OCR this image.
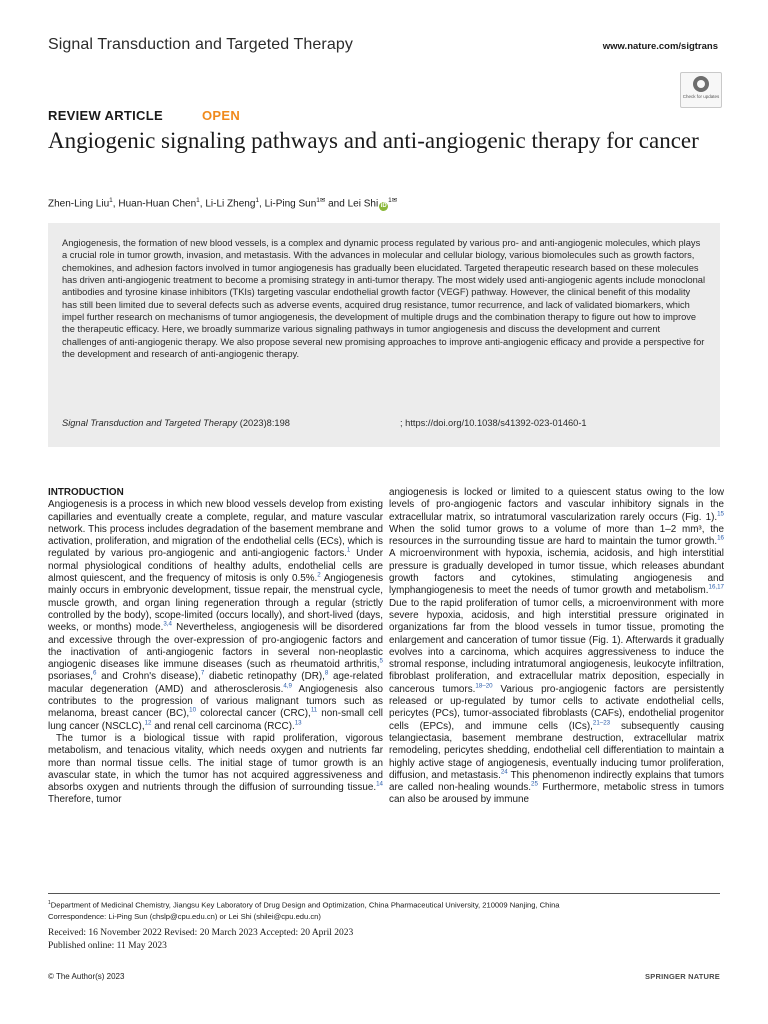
Signal Transduction and Targeted Therapy	www.nature.com/sigtrans
Check for updates
REVIEW ARTICLE	OPEN
Angiogenic signaling pathways and anti-angiogenic therapy for cancer
Zhen-Ling Liu$^1$, Huan-Huan Chen$^1$, Li-Li Zheng$^1$, Li-Ping Sun$^{1✉}$ and Lei Shi $iD^{1✉}$
Angiogenesis, the formation of new blood vessels, is a complex and dynamic process regulated by various pro- and anti-angiogenic molecules, which plays a crucial role in tumor growth, invasion, and metastasis. With the advances in molecular and cellular biology, various biomolecules such as growth factors, chemokines, and adhesion factors involved in tumor angiogenesis has gradually been elucidated. Targeted therapeutic research based on these molecules has driven anti-angiogenic treatment to become a promising strategy in anti-tumor therapy. The most widely used anti-angiogenic agents include monoclonal antibodies and tyrosine kinase inhibitors (TKIs) targeting vascular endothelial growth factor (VEGF) pathway. However, the clinical benefit of this modality has still been limited due to several defects such as adverse events, acquired drug resistance, tumor recurrence, and lack of validated biomarkers, which impel further research on mechanisms of tumor angiogenesis, the development of multiple drugs and the combination therapy to figure out how to improve the therapeutic efficacy. Here, we broadly summarize various signaling pathways in tumor angiogenesis and discuss the development and current challenges of anti-angiogenic therapy. We also propose several new promising approaches to improve anti-angiogenic efficacy and provide a perspective for the development and research of anti-angiogenic therapy.
Signal Transduction and Targeted Therapy (2023)8:198	; https://doi.org/10.1038/s41392-023-01460-1
INTRODUCTION

Angiogenesis is a process in which new blood vessels develop from existing capillaries and eventually create a complete, regular, and mature vascular network. This process includes degradation of the basement membrane and activation, proliferation, and migration of the endothelial cells (ECs), which is regulated by various pro-angiogenic and anti-angiogenic factors.$^1$ Under normal physiological conditions of healthy adults, endothelial cells are almost quiescent, and the frequency of mitosis is only 0.5%.$^2$ Angiogenesis mainly occurs in embryonic development, tissue repair, the menstrual cycle, muscle growth, and organ lining regeneration through a regular (strictly controlled by the body), scope-limited (occurs locally), and short-lived (days, weeks, or months) mode.$^{3,4}$ Nevertheless, angiogenesis will be disordered and excessive through the over-expression of pro-angiogenic factors and the inactivation of anti-angiogenic factors in several non-neoplastic angiogenic diseases like immune diseases (such as rheumatoid arthritis,$^5$ psoriases,$^6$ and Crohn's disease),$^7$ diabetic retinopathy (DR),$^8$ age-related macular degeneration (AMD) and atherosclerosis.$^{4,9}$ Angiogenesis also contributes to the progression of various malignant tumors such as melanoma, breast cancer (BC),$^{10}$ colorectal cancer (CRC),$^{11}$ non-small cell lung cancer (NSCLC),$^{12}$ and renal cell carcinoma (RCC).$^{13}$

The tumor is a biological tissue with rapid proliferation, vigorous metabolism, and tenacious vitality, which needs oxygen and nutrients far more than normal tissue cells. The initial stage of tumor growth is an avascular state, in which the tumor has not acquired aggressiveness and absorbs oxygen and nutrients through the diffusion of surrounding tissue.$^{14}$ Therefore, tumor

angiogenesis is locked or limited to a quiescent status owing to the low levels of pro-angiogenic factors and vascular inhibitory signals in the extracellular matrix, so intratumoral vascularization rarely occurs (Fig. 1).$^{15}$ When the solid tumor grows to a volume of more than 1–2 mm³, the resources in the surrounding tissue are hard to maintain the tumor growth.$^{16}$ A microenvironment with hypoxia, ischemia, acidosis, and high interstitial pressure is gradually developed in tumor tissue, which releases abundant growth factors and cytokines, stimulating angiogenesis and lymphangiogenesis to meet the needs of tumor growth and metabolism.$^{16,17}$ Due to the rapid proliferation of tumor cells, a microenvironment with more severe hypoxia, acidosis, and high interstitial pressure originated in organizations far from the blood vessels in tumor tissue, promoting the enlargement and canceration of tumor tissue (Fig. 1). Afterwards it gradually evolves into a carcinoma, which acquires aggressiveness to induce the stromal response, including intratumoral angiogenesis, leukocyte infiltration, fibroblast proliferation, and extracellular matrix deposition, especially in cancerous tumors.$^{18-20}$ Various pro-angiogenic factors are persistently released or up-regulated by tumor cells to activate endothelial cells, pericytes (PCs), tumor-associated fibroblasts (CAFs), endothelial progenitor cells (EPCs), and immune cells (ICs),$^{21-23}$ subsequently causing telangiectasia, basement membrane destruction, extracellular matrix remodeling, pericytes shedding, endothelial cell differentiation to maintain a highly active stage of angiogenesis, eventually inducing tumor proliferation, diffusion, and metastasis.$^{24}$ This phenomenon indirectly explains that tumors are called non-healing wounds.$^{25}$ Furthermore, metabolic stress in tumors can also be aroused by immune

$^1$Department of Medicinal Chemistry, Jiangsu Key Laboratory of Drug Design and Optimization, China Pharmaceutical University, 210009 Nanjing, China
Correspondence: Li-Ping Sun (chslp@cpu.edu.cn) or Lei Shi (shilei@cpu.edu.cn)
Received: 16 November 2022 Revised: 20 March 2023 Accepted: 20 April 2023
Published online: 11 May 2023
© The Author(s) 2023	SPRINGER NATURE
